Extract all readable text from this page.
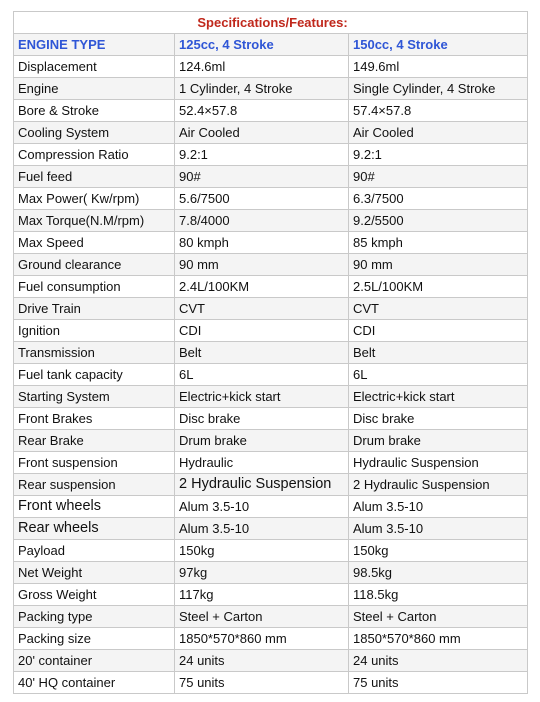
Specifications/Features:		
ENGINE TYPE	125cc, 4 Stroke	150cc, 4 Stroke
Displacement	124.6ml	149.6ml
Engine	1 Cylinder, 4 Stroke	Single Cylinder, 4 Stroke
Bore & Stroke	52.4×57.8	57.4×57.8
Cooling System	Air Cooled	Air Cooled
Compression Ratio	9.2:1	9.2:1
Fuel feed	90#	90#
Max Power( Kw/rpm)	5.6/7500	6.3/7500
Max Torque(N.M/rpm)	7.8/4000	9.2/5500
Max Speed	80 kmph	85 kmph
Ground clearance	90 mm	90 mm
Fuel consumption	2.4L/100KM	2.5L/100KM
Drive Train	CVT	CVT
Ignition	CDI	CDI
Transmission	Belt	Belt
Fuel tank capacity	6L	6L
Starting System	Electric+kick start	Electric+kick start
Front Brakes	Disc brake	Disc brake
Rear Brake	Drum brake	Drum brake
Front suspension	Hydraulic	Hydraulic Suspension
Rear suspension	2 Hydraulic Suspension	2 Hydraulic Suspension
Front wheels	Alum 3.5-10	Alum 3.5-10
Rear wheels	Alum 3.5-10	Alum 3.5-10
Payload	150kg	150kg
Net Weight	97kg	98.5kg
Gross Weight	117kg	118.5kg
Packing type	Steel + Carton	Steel + Carton
Packing size	1850*570*860 mm	1850*570*860 mm
20' container	24 units	24 units
40' HQ container	75 units	75 units
